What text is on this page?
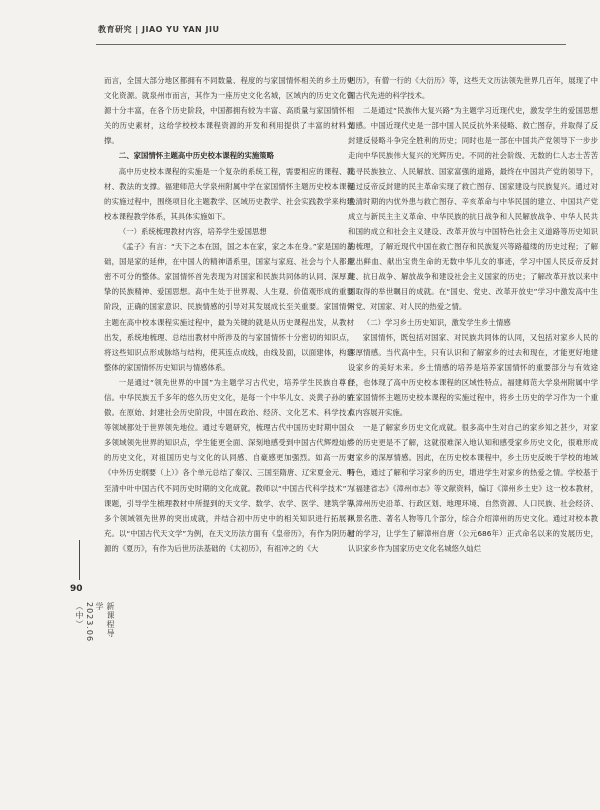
教育研究 | JIAO YU YAN JIU
90
新课程导学 2023.06（中）

而言，全国大部分地区都拥有不同数量、程度的与家国情怀相关的乡土历史文化资源。就泉州市而言，其作为一座历史文化名城，区域内的历史文化资源十分丰富，在各个历史阶段，中国都拥有较为丰富、高质量与家国情怀相关的历史素材，这给学校校本课程资源的开发和利用提供了丰富的材料支撑。

二、家国情怀主题高中历史校本课程的实施策略

高中历史校本课程的实施是一个复杂的系统工程，需要相应的课程、教材、教法的支撑。福建师范大学泉州附属中学在家国情怀主题历史校本课程的实施过程中，围绕项目化主题教学、区域历史教学、社会实践教学来构建校本课程教学体系，其具体实施如下。

（一）系统梳理教材内容，培养学生爱国思想

《孟子》有言：“天下之本在国，国之本在家，家之本在身。”家是国的基础，国是家的延伸，在中国人的精神谱系里，国家与家庭、社会与个人都是密不可分的整体。家国情怀首先表现为对国家和民族共同体的认同、深厚真挚的民族精神、爱国思想。高中生处于世界观、人生观、价值观形成的重要阶段，正确的国家意识、民族情感的引导对其发展成长至关重要。家国情怀主题在高中校本课程实施过程中，最为关键的就是从历史课程出发，从教材出发，系统地梳理、总结出教材中所涉及的与家国情怀十分密切的知识点，将这些知识点形成脉络与结构，使其连点成线，由线及面，以面建体，构建整体的家国情怀历史知识与情感体系。

一是通过“领先世界的中国”为主题学习古代史，培养学生民族自尊自信。中华民族五千多年的悠久历史文化，是每一个中华儿女、炎黄子孙的骄傲。在原始、封建社会历史阶段，中国在政治、经济、文化艺术、科学技术等领域都处于世界领先地位。通过专题研究，梳理古代中国历史时期中国众多领域领先世界的知识点，学生能更全面、深刻地感受到中国古代辉煌灿烂的历史文化，对祖国历史与文化的认同感、自豪感更加强烈。如高一历史《中外历史纲要（上）》各个单元总结了秦汉、三国至隋唐、辽宋夏金元、明至清中叶中国古代不同历史时期的文化成就。教师以“中国古代科学技术”为课题，引导学生梳理教材中所提到的天文学、数学、农学、医学、建筑学等多个领域领先世界的突出成就，并结合初中历史中的相关知识进行拓展补充。以“中国古代天文学”为例，在天文历法方面有《皇帝历》，有作为阴历起源的《夏历》，有作为后世历法基础的《太初历》，有祖冲之的《大

明历》，有僧一行的《大衍历》等，这些天文历法领先世界几百年，展现了中国古代先进的科学技术。

二是通过“民族伟大复兴路”为主题学习近现代史，激发学生的爱国思想情感。中国近现代史是一部中国人民反抗外来侵略、救亡图存，并取得了反封建反侵略斗争完全胜利的历史；同时也是一部在中国共产党领导下一步步走向中华民族伟大复兴的光辉历史。不同的社会阶级、无数的仁人志士苦苦追寻民族独立、人民解放、国家富强的道路，最终在中国共产党的领导下，通过反帝反封建的民主革命实现了救亡图存、国家建设与民族复兴。通过对晚清时期的内忧外患与救亡图存、辛亥革命与中华民国的建立、中国共产党成立与新民主主义革命、中华民族的抗日战争和人民解放战争、中华人民共和国的成立和社会主义建设、改革开放与中国特色社会主义道路等历史知识的梳理，了解近现代中国在救亡图存和民族复兴等路蕴缕的历史过程；了解献出鲜血、献出宝贵生命的无数中华儿女的事迹，学习中国人民反帝反封建、抗日战争、解放战争和建设社会主义国家的历史；了解改革开放以来中国取得的举世瞩目的成就。在“国史、党史、改革开放史”学习中激发高中生对党、对国家、对人民的热爱之情。

（二）学习乡土历史知识，激发学生乡土情感

家国情怀，既包括对国家、对民族共同体的认同，又包括对家乡人民的深厚情感。当代高中生，只有认识和了解家乡的过去和现在，才能更好地建设家乡的美好未来。乡土情感的培养是培养家国情怀的重要部分与有效途径，也体现了高中历史校本课程的区域性特点。福建师范大学泉州附属中学在家国情怀主题历史校本课程的实施过程中，将乡土历史的学习作为一个重点内容展开实施。

一是了解家乡历史文化成就。很多高中生对自己的家乡知之甚少，对家乡的历史更是不了解，这就很难深入地认知和感受家乡历史文化，很难形成对家乡的深厚情感。因此，在历史校本课程中，乡土历史反映于学校的地域特色，通过了解和学习家乡的历史，增进学生对家乡的热爱之情。学校基于《福建省志》《漳州市志》等文献资料，编订《漳州乡土史》这一校本教材，从漳州历史沿革、行政区划、地理环境、自然资源、人口民族、社会经济、风景名胜、著名人物等几个部分，综合介绍漳州的历史文化。通过对校本教材的学习，让学生了解漳州自唐（公元686年）正式命名以来的发展历史，认识家乡作为国家历史文化名城悠久灿烂
